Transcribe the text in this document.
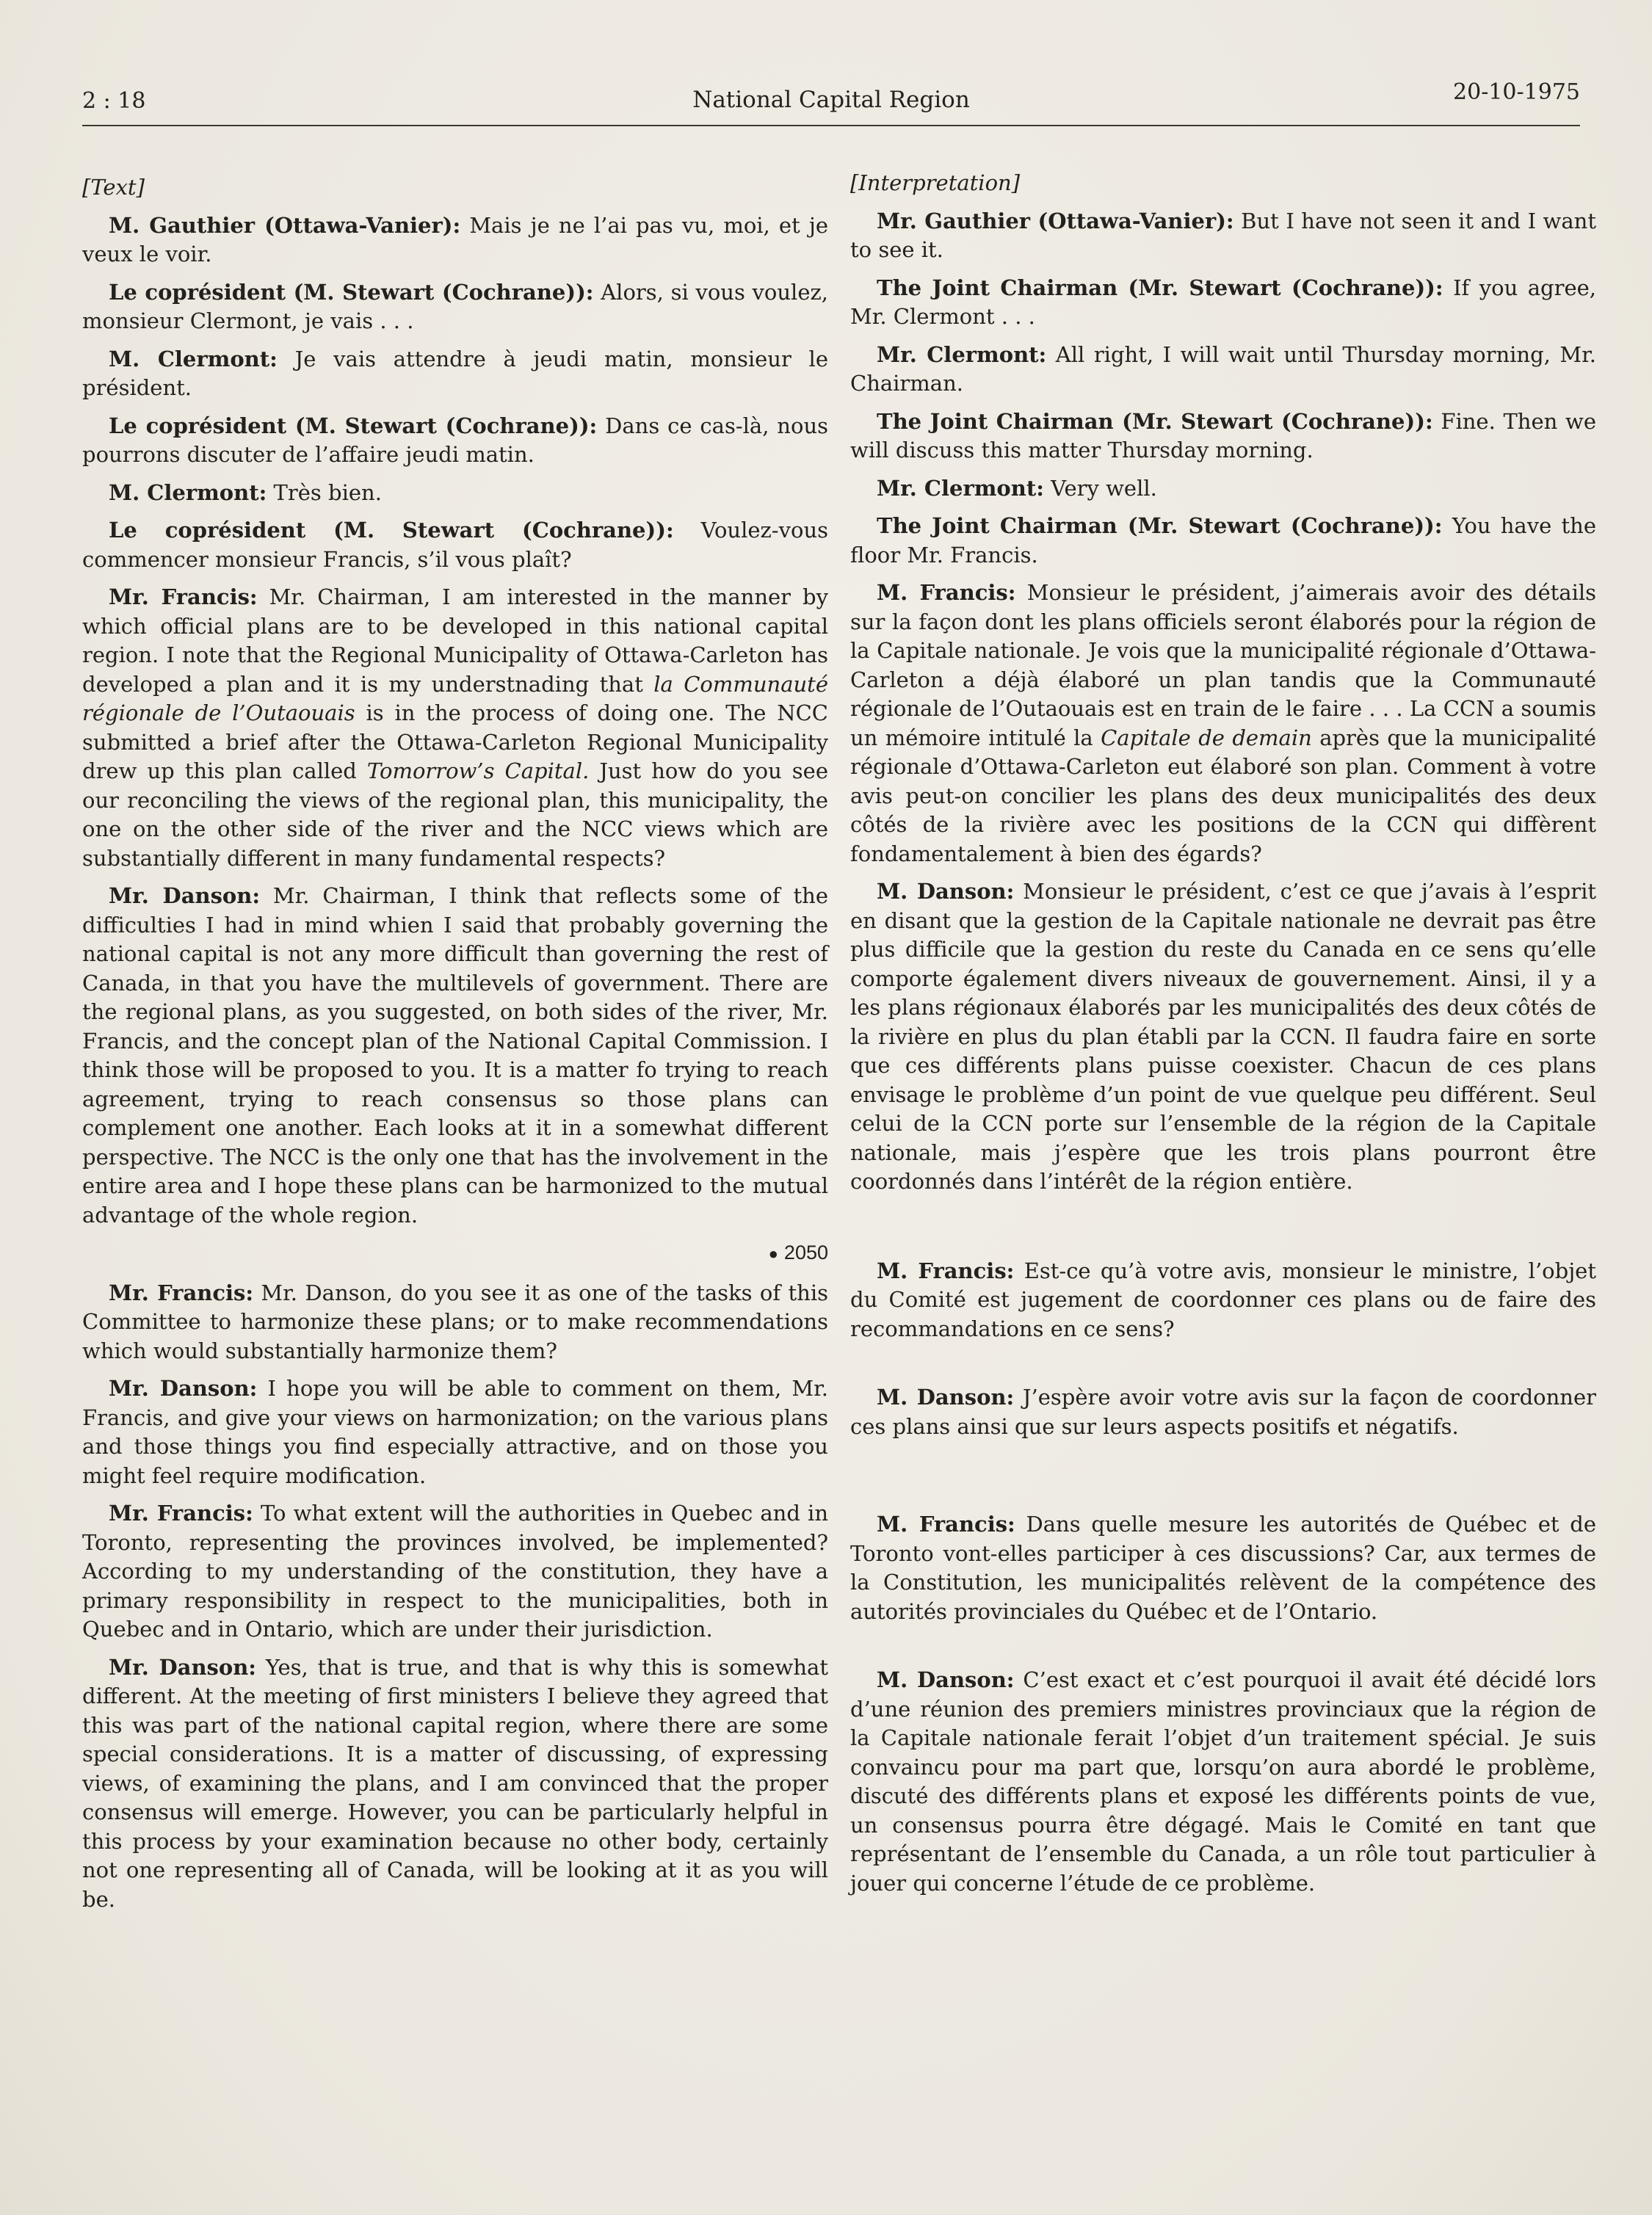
2 : 18	National Capital Region	20-10-1975

[Text]

M. Gauthier (Ottawa-Vanier): Mais je ne l’ai pas vu, moi, et je veux le voir.

Le coprésident (M. Stewart (Cochrane)): Alors, si vous voulez, monsieur Clermont, je vais . . .

M. Clermont: Je vais attendre à jeudi matin, monsieur le président.

Le coprésident (M. Stewart (Cochrane)): Dans ce cas-là, nous pourrons discuter de l’affaire jeudi matin.

M. Clermont: Très bien.

Le coprésident (M. Stewart (Cochrane)): Voulez-vous commencer monsieur Francis, s’il vous plaît?

Mr. Francis: Mr. Chairman, I am interested in the manner by which official plans are to be developed in this national capital region. I note that the Regional Municipality of Ottawa-Carleton has developed a plan and it is my understnading that la Communauté régionale de l’Outaouais is in the process of doing one. The NCC submitted a brief after the Ottawa-Carleton Regional Municipality drew up this plan called Tomorrow’s Capital. Just how do you see our reconciling the views of the regional plan, this municipality, the one on the other side of the river and the NCC views which are substantially different in many fundamental respects?

Mr. Danson: Mr. Chairman, I think that reflects some of the difficulties I had in mind whien I said that probably governing the national capital is not any more difficult than governing the rest of Canada, in that you have the multilevels of government. There are the regional plans, as you suggested, on both sides of the river, Mr. Francis, and the concept plan of the National Capital Commission. I think those will be proposed to you. It is a matter fo trying to reach agreement, trying to reach consensus so those plans can complement one another. Each looks at it in a somewhat different perspective. The NCC is the only one that has the involvement in the entire area and I hope these plans can be harmonized to the mutual advantage of the whole region.

● 2050

Mr. Francis: Mr. Danson, do you see it as one of the tasks of this Committee to harmonize these plans; or to make recommendations which would substantially harmonize them?

Mr. Danson: I hope you will be able to comment on them, Mr. Francis, and give your views on harmonization; on the various plans and those things you find especially attractive, and on those you might feel require modification.

Mr. Francis: To what extent will the authorities in Quebec and in Toronto, representing the provinces involved, be implemented? According to my understanding of the constitution, they have a primary responsibility in respect to the municipalities, both in Quebec and in Ontario, which are under their jurisdiction.

Mr. Danson: Yes, that is true, and that is why this is somewhat different. At the meeting of first ministers I believe they agreed that this was part of the national capital region, where there are some special considerations. It is a matter of discussing, of expressing views, of examining the plans, and I am convinced that the proper consensus will emerge. However, you can be particularly helpful in this process by your examination because no other body, certainly not one representing all of Canada, will be looking at it as you will be.

[Interpretation]

Mr. Gauthier (Ottawa-Vanier): But I have not seen it and I want to see it.

The Joint Chairman (Mr. Stewart (Cochrane)): If you agree, Mr. Clermont . . .

Mr. Clermont: All right, I will wait until Thursday morning, Mr. Chairman.

The Joint Chairman (Mr. Stewart (Cochrane)): Fine. Then we will discuss this matter Thursday morning.

Mr. Clermont: Very well.

The Joint Chairman (Mr. Stewart (Cochrane)): You have the floor Mr. Francis.

M. Francis: Monsieur le président, j’aimerais avoir des détails sur la façon dont les plans officiels seront élaborés pour la région de la Capitale nationale. Je vois que la municipalité régionale d’Ottawa-Carleton a déjà élaboré un plan tandis que la Communauté régionale de l’Outaouais est en train de le faire . . . La CCN a soumis un mémoire intitulé la Capitale de demain après que la municipalité régionale d’Ottawa-Carleton eut élaboré son plan. Comment à votre avis peut-on concilier les plans des deux municipalités des deux côtés de la rivière avec les positions de la CCN qui diffèrent fondamentalement à bien des égards?

M. Danson: Monsieur le président, c’est ce que j’avais à l’esprit en disant que la gestion de la Capitale nationale ne devrait pas être plus difficile que la gestion du reste du Canada en ce sens qu’elle comporte également divers niveaux de gouvernement. Ainsi, il y a les plans régionaux élaborés par les municipalités des deux côtés de la rivière en plus du plan établi par la CCN. Il faudra faire en sorte que ces différents plans puisse coexister. Chacun de ces plans envisage le problème d’un point de vue quelque peu différent. Seul celui de la CCN porte sur l’ensemble de la région de la Capitale nationale, mais j’espère que les trois plans pourront être coordonnés dans l’intérêt de la région entière.

M. Francis: Est-ce qu’à votre avis, monsieur le ministre, l’objet du Comité est jugement de coordonner ces plans ou de faire des recommandations en ce sens?

M. Danson: J’espère avoir votre avis sur la façon de coordonner ces plans ainsi que sur leurs aspects positifs et négatifs.

M. Francis: Dans quelle mesure les autorités de Québec et de Toronto vont-elles participer à ces discussions? Car, aux termes de la Constitution, les municipalités relèvent de la compétence des autorités provinciales du Québec et de l’Ontario.

M. Danson: C’est exact et c’est pourquoi il avait été décidé lors d’une réunion des premiers ministres provinciaux que la région de la Capitale nationale ferait l’objet d’un traitement spécial. Je suis convaincu pour ma part que, lorsqu’on aura abordé le problème, discuté des différents plans et exposé les différents points de vue, un consensus pourra être dégagé. Mais le Comité en tant que représentant de l’ensemble du Canada, a un rôle tout particulier à jouer qui concerne l’étude de ce problème.
